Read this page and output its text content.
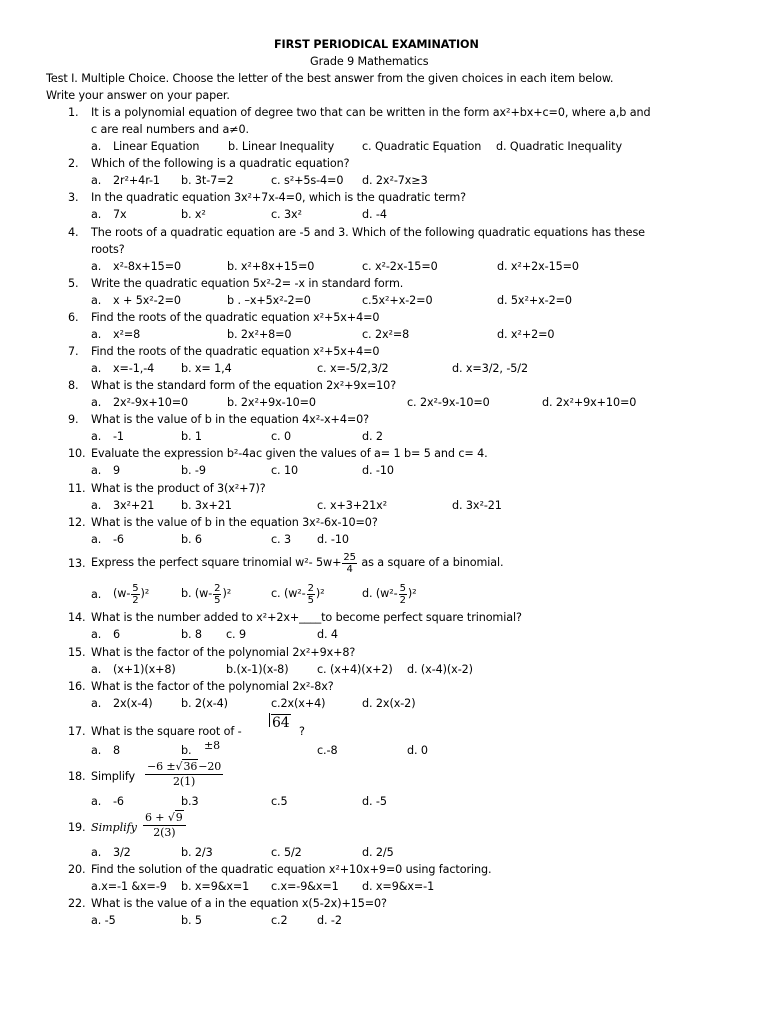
FIRST PERIODICAL EXAMINATION
Grade 9 Mathematics
Test I. Multiple Choice. Choose the letter of the best answer from the given choices in each item below.
Write your answer on your paper.
1. It is a polynomial equation of degree two that can be written in the form ax²+bx+c=0, where a,b and
c are real numbers and a≠0.
a. Linear Equation	b. Linear Inequality c. Quadratic Equation d. Quadratic Inequality
2. Which of the following is a quadratic equation?
a. 2r²+4r-1 b. 3t-7=2	c. s²+5s-4=0 d. 2x²-7x≥3
3. In the quadratic equation 3x²+7x-4=0, which is the quadratic term?
a. 7x	b. x²	c. 3x²	d. -4
4. The roots of a quadratic equation are -5 and 3. Which of the following quadratic equations has these
roots?
a. x²-8x+15=0	b. x²+8x+15=0	c. x²-2x-15=0	d. x²+2x-15=0
5. Write the quadratic equation 5x²-2= -x in standard form.
a. x + 5x²-2=0	b . –x+5x²-2=0	c.5x²+x-2=0	d. 5x²+x-2=0
6. Find the roots of the quadratic equation x²+5x+4=0
a. x²=8	b. 2x²+8=0	c. 2x²=8	d. x²+2=0
7. Find the roots of the quadratic equation x²+5x+4=0
a. x=-1,-4 b. x= 1,4	c. x=-5/2,3/2	d. x=3/2, -5/2
8. What is the standard form of the equation 2x²+9x=10?
a. 2x²-9x+10=0	b. 2x²+9x-10=0	c. 2x²-9x-10=0	d. 2x²+9x+10=0
9. What is the value of b in the equation 4x²-x+4=0?
a. -1	b. 1	c. 0	d. 2
10. Evaluate the expression b²-4ac given the values of a= 1 b= 5 and c= 4.
a. 9	b. -9	c. 10	d. -10
11. What is the product of 3(x²+7)?
a. 3x²+21 b. 3x+21	c. x+3+21x²	d. 3x²-21
12. What is the value of b in the equation 3x²-6x-10=0?
a. -6	b. 6	c. 3 d. -10
13. Express the perfect square trinomial w²- $5w+ \frac{25}{4}$ as a square of a binomial.
a. $(w- \frac{5}{2} )^2$	b. $(w- \frac{2}{5} )^2$	c. $(w^2- \frac{2}{5} )^2$	d. $(w^2- \frac{5}{2} )^2$
14. What is the number added to x²+2x+____to become perfect square trinomial?
a. 6	b. 8 c. 9	d. 4
15. What is the factor of the polynomial 2x²+9x+8?
a. (x+1)(x+8)	b.(x-1)(x-8)	c. (x+4)(x+2) d. (x-4)(x-2)
16. What is the factor of the polynomial 2x²-8x?
a. 2x(x-4)	b. 2(x-4)	c.2x(x+4)	d. 2x(x-2)
17. What is the square root of -
64
?
a. 8	b. ±8	c.-8	d. 0
18. Simplify $\frac{-6 \pm√36-20}{2(1)}$
a. -6	b.3	c.5	d. -5
19. Simplify $\frac{6 + √9}{2(3)}$
a. 3/2	b. 2/3	c. 5/2	d. 2/5
20. Find the solution of the quadratic equation x²+10x+9=0 using factoring.
a.x=-1 &x=-9 b. x=9&x=1 c.x=-9&x=1 d. x=9&x=-1
22. What is the value of a in the equation x(5-2x)+15=0?
a. -5	b. 5	c.2	d. -2
